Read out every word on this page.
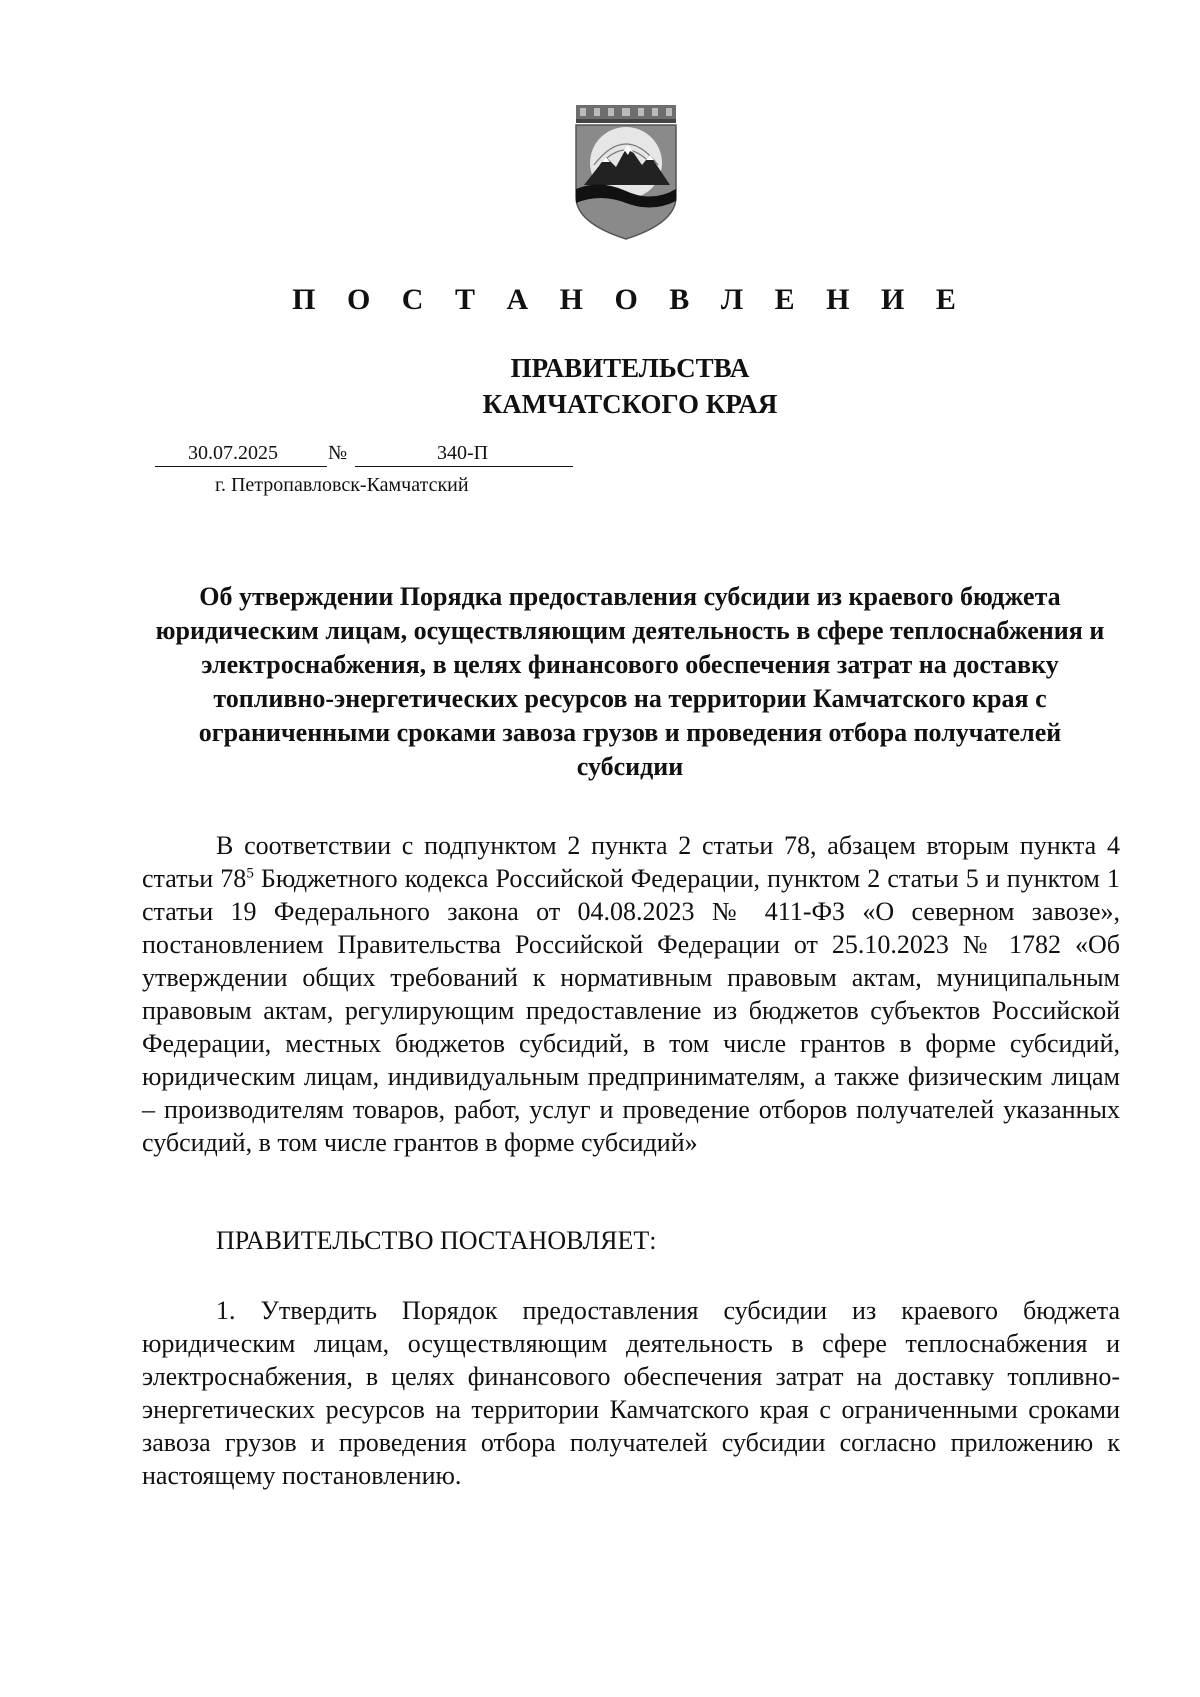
П О С Т А Н О В Л Е Н И Е
ПРАВИТЕЛЬСТВА
КАМЧАТСКОГО КРАЯ
30.07.2025	№	340-П
г. Петропавловск-Камчатский
Об утверждении Порядка предоставления субсидии из краевого бюджета юридическим лицам, осуществляющим деятельность в сфере теплоснабжения и электроснабжения, в целях финансового обеспечения затрат на доставку топливно-энергетических ресурсов на территории Камчатского края с ограниченными сроками завоза грузов и проведения отбора получателей субсидии
В соответствии с подпунктом 2 пункта 2 статьи 78, абзацем вторым пункта 4 статьи $78^5$ Бюджетного кодекса Российской Федерации, пунктом 2 статьи 5 и пунктом 1 статьи 19 Федерального закона от 04.08.2023 № 411-ФЗ «О северном завозе», постановлением Правительства Российской Федерации от 25.10.2023 № 1782 «Об утверждении общих требований к нормативным правовым актам, муниципальным правовым актам, регулирующим предоставление из бюджетов субъектов Российской Федерации, местных бюджетов субсидий, в том числе грантов в форме субсидий, юридическим лицам, индивидуальным предпринимателям, а также физическим лицам – производителям товаров, работ, услуг и проведение отборов получателей указанных субсидий, в том числе грантов в форме субсидий»
ПРАВИТЕЛЬСТВО ПОСТАНОВЛЯЕТ:
1. Утвердить Порядок предоставления субсидии из краевого бюджета юридическим лицам, осуществляющим деятельность в сфере теплоснабжения и электроснабжения, в целях финансового обеспечения затрат на доставку топливно-энергетических ресурсов на территории Камчатского края с ограниченными сроками завоза грузов и проведения отбора получателей субсидии согласно приложению к настоящему постановлению.
